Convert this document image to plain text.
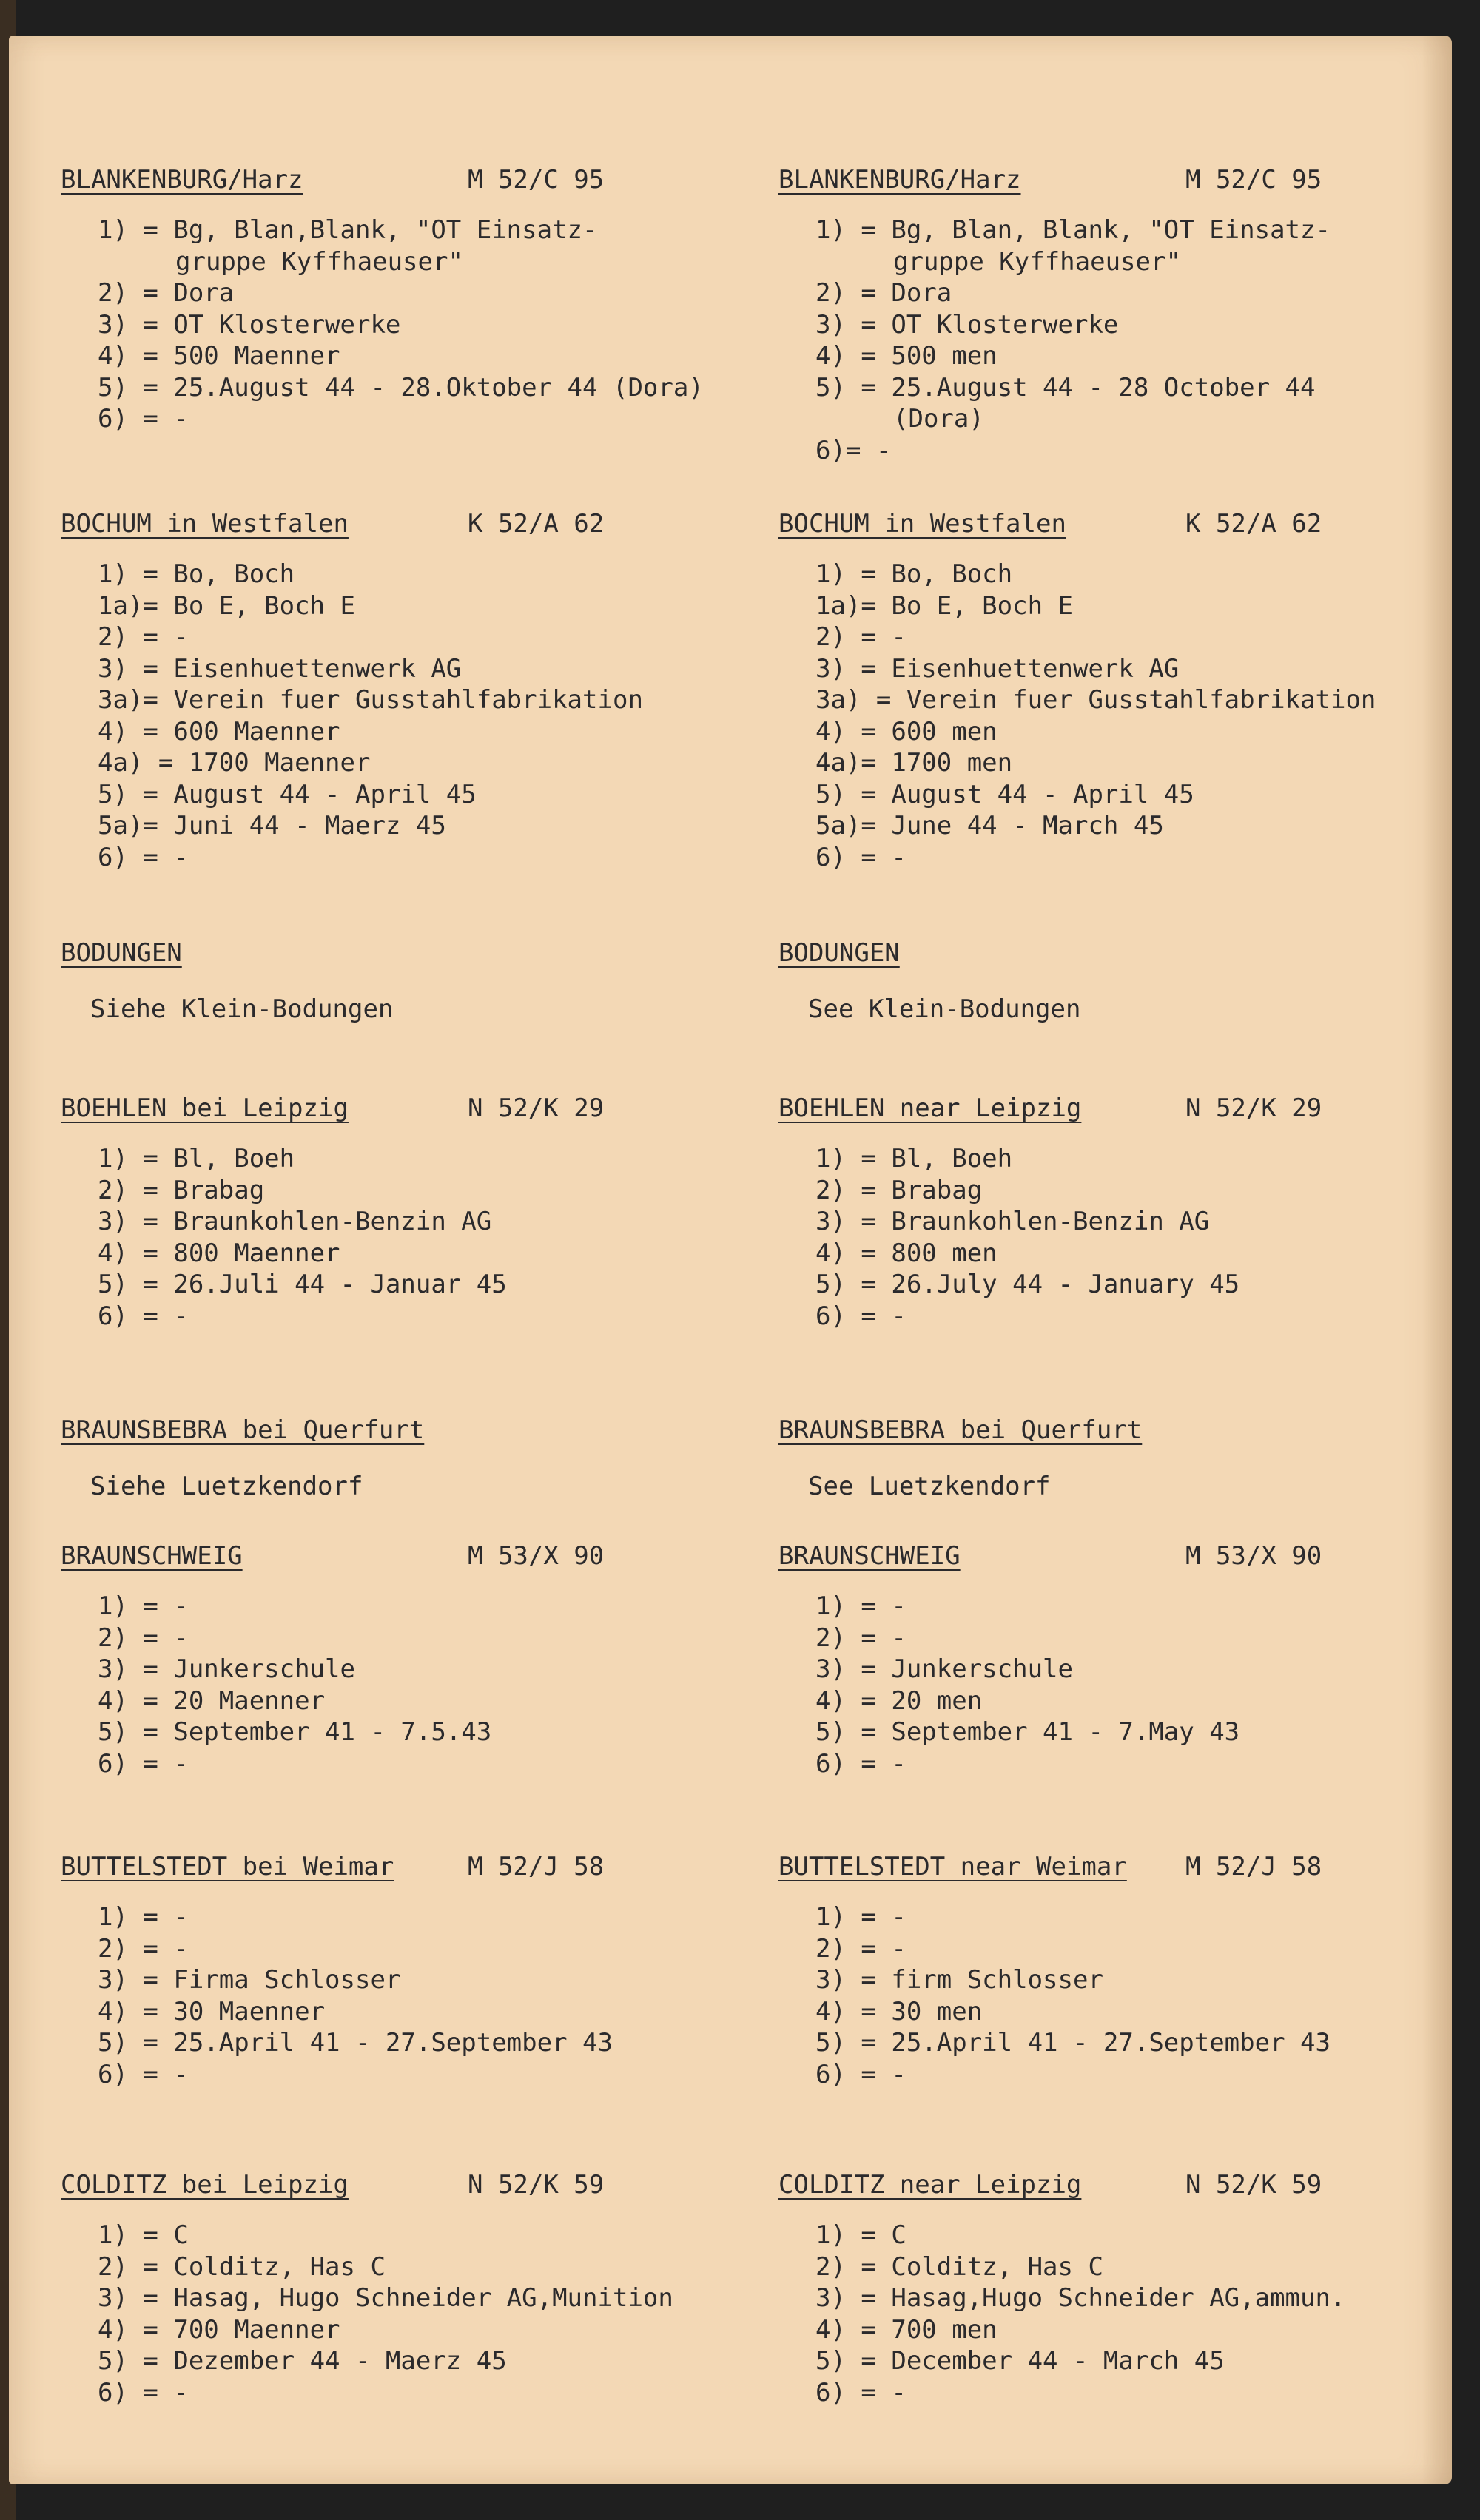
BLANKENBURG/Harz	M 52/C 95
1) = Bg, Blan,Blank, "OT Einsatz-
gruppe Kyffhaeuser"
2) = Dora
3) = OT Klosterwerke
4) = 500 Maenner
5) = 25.August 44 - 28.Oktober 44 (Dora)
6) = -
BOCHUM in Westfalen	K 52/A 62
1) = Bo, Boch
1a)= Bo E, Boch E
2) = -
3) = Eisenhuettenwerk AG
3a)= Verein fuer Gusstahlfabrikation
4) = 600 Maenner
4a) = 1700 Maenner
5) = August 44 - April 45
5a)= Juni 44 - Maerz 45
6) = -
BODUNGEN
Siehe Klein-Bodungen
BOEHLEN bei Leipzig	N 52/K 29
1) = Bl, Boeh
2) = Brabag
3) = Braunkohlen-Benzin AG
4) = 800 Maenner
5) = 26.Juli 44 - Januar 45
6) = -
BRAUNSBEBRA bei Querfurt
Siehe Luetzkendorf
BRAUNSCHWEIG	M 53/X 90
1) = -
2) = -
3) = Junkerschule
4) = 20 Maenner
5) = September 41 - 7.5.43
6) = -
BUTTELSTEDT bei Weimar	M 52/J 58
1) = -
2) = -
3) = Firma Schlosser
4) = 30 Maenner
5) = 25.April 41 - 27.September 43
6) = -
COLDITZ bei Leipzig	N 52/K 59
1) = C
2) = Colditz, Has C
3) = Hasag, Hugo Schneider AG,Munition
4) = 700 Maenner
5) = Dezember 44 - Maerz 45
6) = -
BLANKENBURG/Harz	M 52/C 95
1) = Bg, Blan, Blank, "OT Einsatz-
gruppe Kyffhaeuser"
2) = Dora
3) = OT Klosterwerke
4) = 500 men
5) = 25.August 44 - 28 October 44
(Dora)
6)= -
BOCHUM in Westfalen	K 52/A 62
1) = Bo, Boch
1a)= Bo E, Boch E
2) = -
3) = Eisenhuettenwerk AG
3a) = Verein fuer Gusstahlfabrikation
4) = 600 men
4a)= 1700 men
5) = August 44 - April 45
5a)= June 44 - March 45
6) = -
BODUNGEN
See Klein-Bodungen
BOEHLEN near Leipzig	N 52/K 29
1) = Bl, Boeh
2) = Brabag
3) = Braunkohlen-Benzin AG
4) = 800 men
5) = 26.July 44 - January 45
6) = -
BRAUNSBEBRA bei Querfurt
See Luetzkendorf
BRAUNSCHWEIG	M 53/X 90
1) = -
2) = -
3) = Junkerschule
4) = 20 men
5) = September 41 - 7.May 43
6) = -
BUTTELSTEDT near Weimar M 52/J 58
1) = -
2) = -
3) = firm Schlosser
4) = 30 men
5) = 25.April 41 - 27.September 43
6) = -
COLDITZ near Leipzig	N 52/K 59
1) = C
2) = Colditz, Has C
3) = Hasag,Hugo Schneider AG,ammun.
4) = 700 men
5) = December 44 - March 45
6) = -
